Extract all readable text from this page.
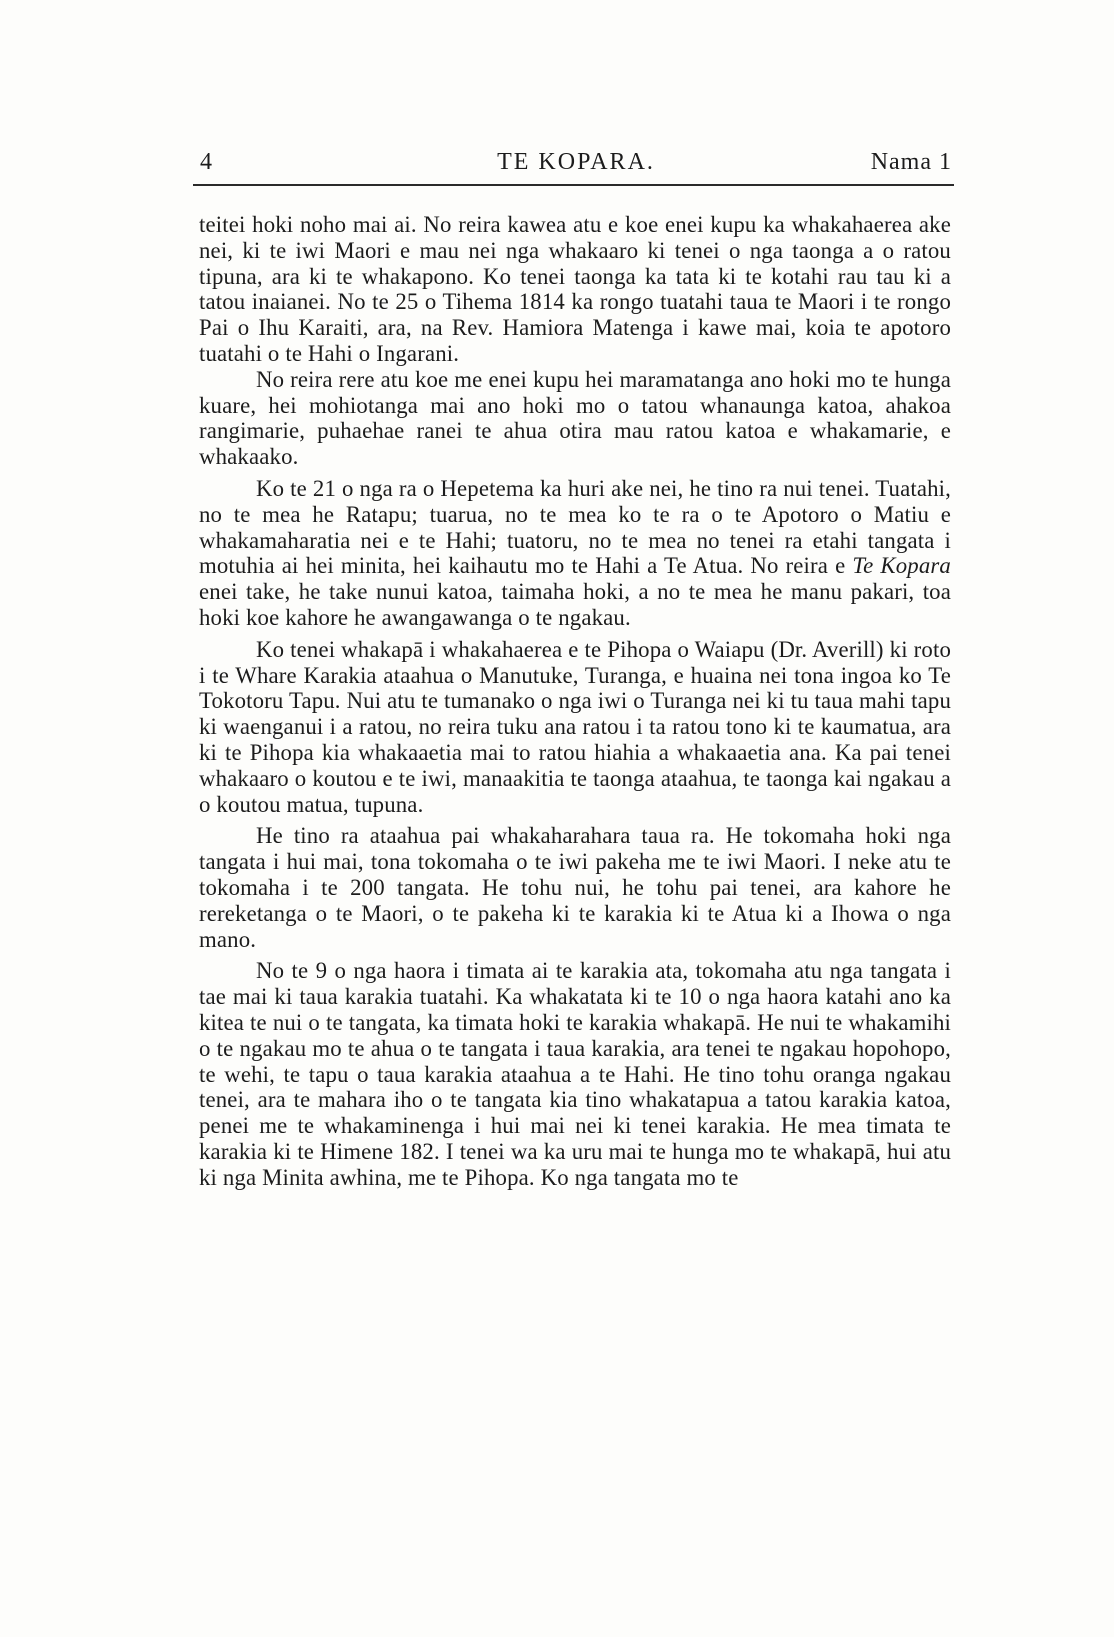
4	TE KOPARA.	Nama 1

teitei hoki noho mai ai. No reira kawea atu e koe enei kupu ka whakahaerea ake nei, ki te iwi Maori e mau nei nga whakaaro ki tenei o nga taonga a o ratou tipuna, ara ki te whakapono. Ko tenei taonga ka tata ki te kotahi rau tau ki a tatou inaianei. No te 25 o Tihema 1814 ka rongo tuatahi taua te Maori i te rongo Pai o Ihu Karaiti, ara, na Rev. Hamiora Matenga i kawe mai, koia te apotoro tuatahi o te Hahi o Ingarani.

No reira rere atu koe me enei kupu hei maramatanga ano hoki mo te hunga kuare, hei mohiotanga mai ano hoki mo o tatou whanaunga katoa, ahakoa rangimarie, puhaehae ranei te ahua otira mau ratou katoa e whakamarie, e whakaako.

Ko te 21 o nga ra o Hepetema ka huri ake nei, he tino ra nui tenei. Tuatahi, no te mea he Ratapu; tuarua, no te mea ko te ra o te Apotoro o Matiu e whakamaharatia nei e te Hahi; tuatoru, no te mea no tenei ra etahi tangata i motuhia ai hei minita, hei kaihautu mo te Hahi a Te Atua. No reira e Te Kopara enei take, he take nunui katoa, taimaha hoki, a no te mea he manu pakari, toa hoki koe kahore he awangawanga o te ngakau.

Ko tenei whakapā i whakahaerea e te Pihopa o Waiapu (Dr. Averill) ki roto i te Whare Karakia ataahua o Manutuke, Turanga, e huaina nei tona ingoa ko Te Tokotoru Tapu. Nui atu te tumanako o nga iwi o Turanga nei ki tu taua mahi tapu ki waenganui i a ratou, no reira tuku ana ratou i ta ratou tono ki te kaumatua, ara ki te Pihopa kia whakaaetia mai to ratou hiahia a whakaaetia ana. Ka pai tenei whakaaro o koutou e te iwi, manaakitia te taonga ataahua, te taonga kai ngakau a o koutou matua, tupuna.

He tino ra ataahua pai whakaharahara taua ra. He tokomaha hoki nga tangata i hui mai, tona tokomaha o te iwi pakeha me te iwi Maori. I neke atu te tokomaha i te 200 tangata. He tohu nui, he tohu pai tenei, ara kahore he rereketanga o te Maori, o te pakeha ki te karakia ki te Atua ki a Ihowa o nga mano.

No te 9 o nga haora i timata ai te karakia ata, tokomaha atu nga tangata i tae mai ki taua karakia tuatahi. Ka whakatata ki te 10 o nga haora katahi ano ka kitea te nui o te tangata, ka timata hoki te karakia whakapā. He nui te whakamihi o te ngakau mo te ahua o te tangata i taua karakia, ara tenei te ngakau hopohopo, te wehi, te tapu o taua karakia ataahua a te Hahi. He tino tohu oranga ngakau tenei, ara te mahara iho o te tangata kia tino whakatapua a tatou karakia katoa, penei me te whakaminenga i hui mai nei ki tenei karakia. He mea timata te karakia ki te Himene 182. I tenei wa ka uru mai te hunga mo te whakapā, hui atu ki nga Minita awhina, me te Pihopa. Ko nga tangata mo te
